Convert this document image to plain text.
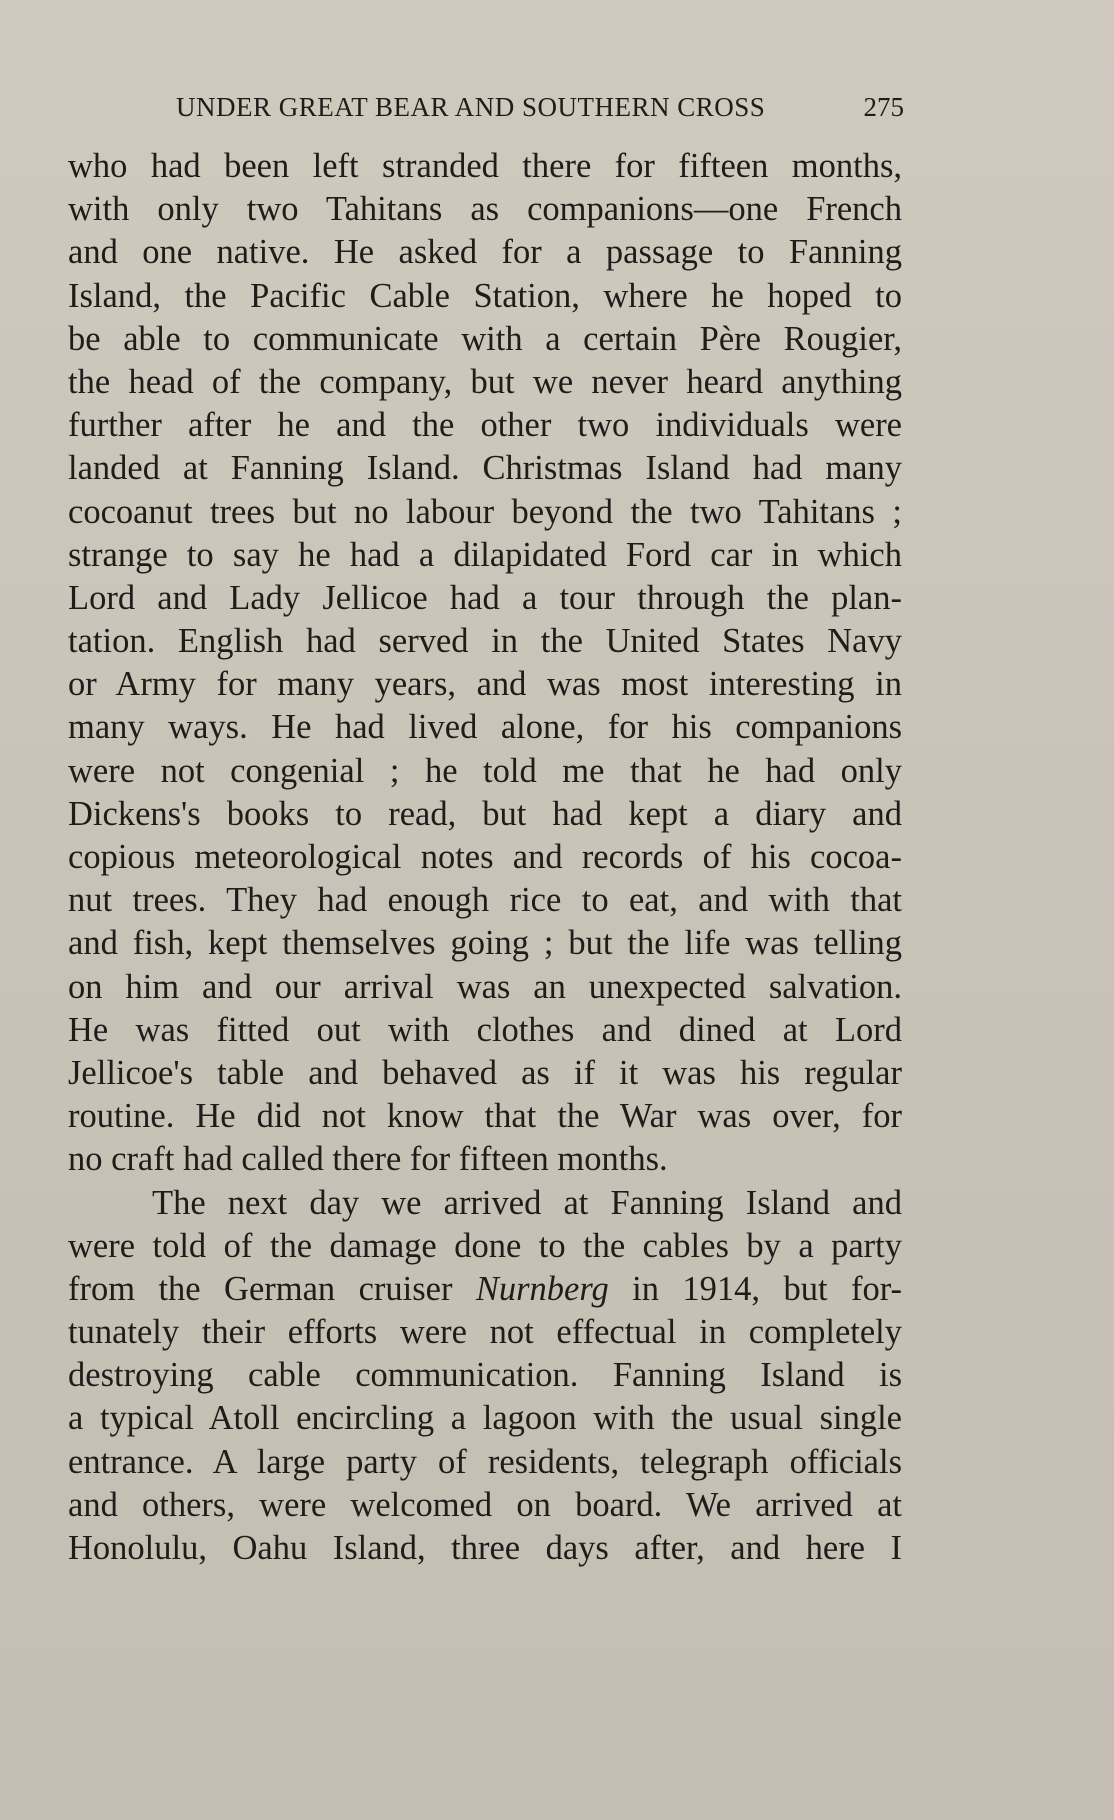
UNDER GREAT BEAR AND SOUTHERN CROSS	275
who had been left stranded there for fifteen months,
with only two Tahitans as companions—one French
and one native. He asked for a passage to Fanning
Island, the Pacific Cable Station, where he hoped to
be able to communicate with a certain Père Rougier,
the head of the company, but we never heard anything
further after he and the other two individuals were
landed at Fanning Island. Christmas Island had many
cocoanut trees but no labour beyond the two Tahitans ;
strange to say he had a dilapidated Ford car in which
Lord and Lady Jellicoe had a tour through the plan-
tation. English had served in the United States Navy
or Army for many years, and was most interesting in
many ways. He had lived alone, for his companions
were not congenial ; he told me that he had only
Dickens's books to read, but had kept a diary and
copious meteorological notes and records of his cocoa-
nut trees. They had enough rice to eat, and with that
and fish, kept themselves going ; but the life was telling
on him and our arrival was an unexpected salvation.
He was fitted out with clothes and dined at Lord
Jellicoe's table and behaved as if it was his regular
routine. He did not know that the War was over, for
no craft had called there for fifteen months.
The next day we arrived at Fanning Island and
were told of the damage done to the cables by a party
from the German cruiser Nurnberg in 1914, but for-
tunately their efforts were not effectual in completely
destroying cable communication. Fanning Island is
a typical Atoll encircling a lagoon with the usual single
entrance. A large party of residents, telegraph officials
and others, were welcomed on board. We arrived at
Honolulu, Oahu Island, three days after, and here I
